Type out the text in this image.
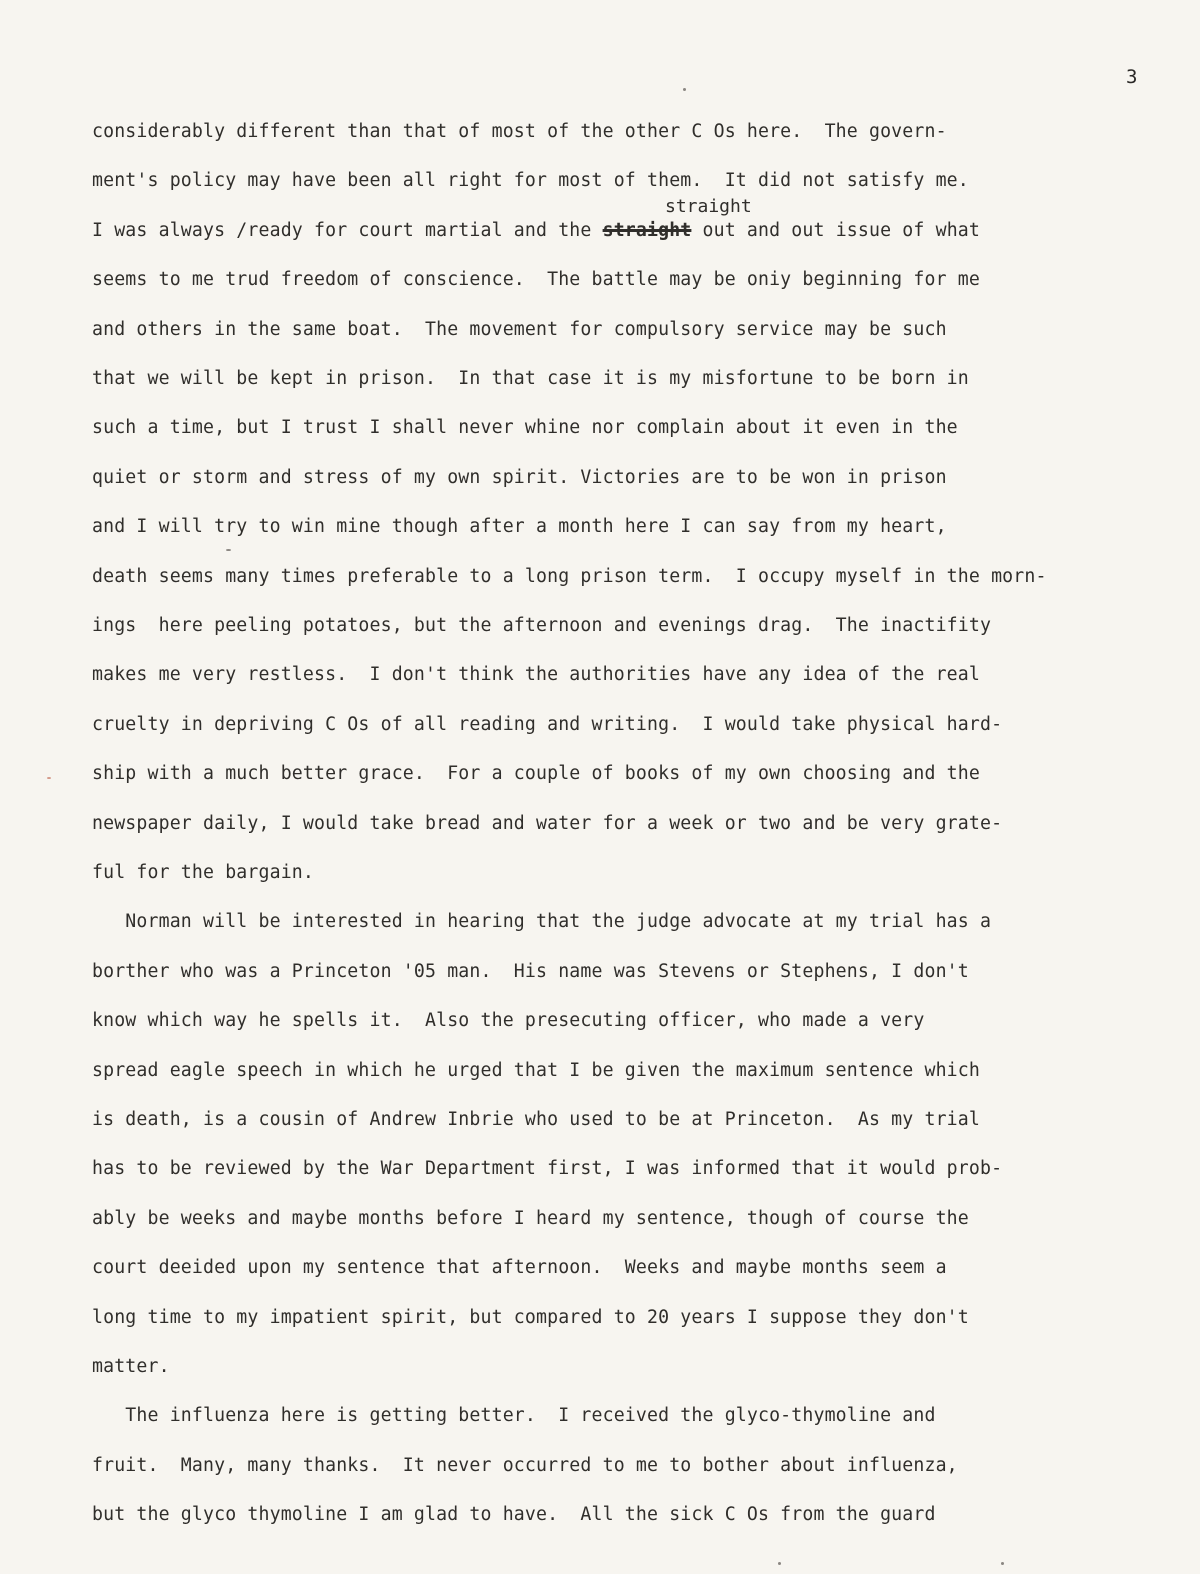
3
straight
considerably different than that of most of the other C Os here.  The govern-
ment's policy may have been all right for most of them.  It did not satisfy me.
I was always /ready for court martial and the straight out and out issue of what
seems to me trud freedom of conscience.  The battle may be oniy beginning for me
and others in the same boat.  The movement for compulsory service may be such
that we will be kept in prison.  In that case it is my misfortune to be born in
such a time, but I trust I shall never whine nor complain about it even in the
quiet or storm and stress of my own spirit. Victories are to be won in prison
and I will try to win mine though after a month here I can say from my heart,
death seems many times preferable to a long prison term.  I occupy myself in the morn-
ings  here peeling potatoes, but the afternoon and evenings drag.  The inactifity
makes me very restless.  I don't think the authorities have any idea of the real
cruelty in depriving C Os of all reading and writing.  I would take physical hard-
ship with a much better grace.  For a couple of books of my own choosing and the
newspaper daily, I would take bread and water for a week or two and be very grate-
ful for the bargain.
Norman will be interested in hearing that the judge advocate at my trial has a
borther who was a Princeton '05 man.  His name was Stevens or Stephens, I don't
know which way he spells it.  Also the presecuting officer, who made a very
spread eagle speech in which he urged that I be given the maximum sentence which
is death, is a cousin of Andrew Inbrie who used to be at Princeton.  As my trial
has to be reviewed by the War Department first, I was informed that it would prob-
ably be weeks and maybe months before I heard my sentence, though of course the
court deeided upon my sentence that afternoon.  Weeks and maybe months seem a
long time to my impatient spirit, but compared to 20 years I suppose they don't
matter.
The influenza here is getting better.  I received the glyco-thymoline and
fruit.  Many, many thanks.  It never occurred to me to bother about influenza,
but the glyco thymoline I am glad to have.  All the sick C Os from the guard
